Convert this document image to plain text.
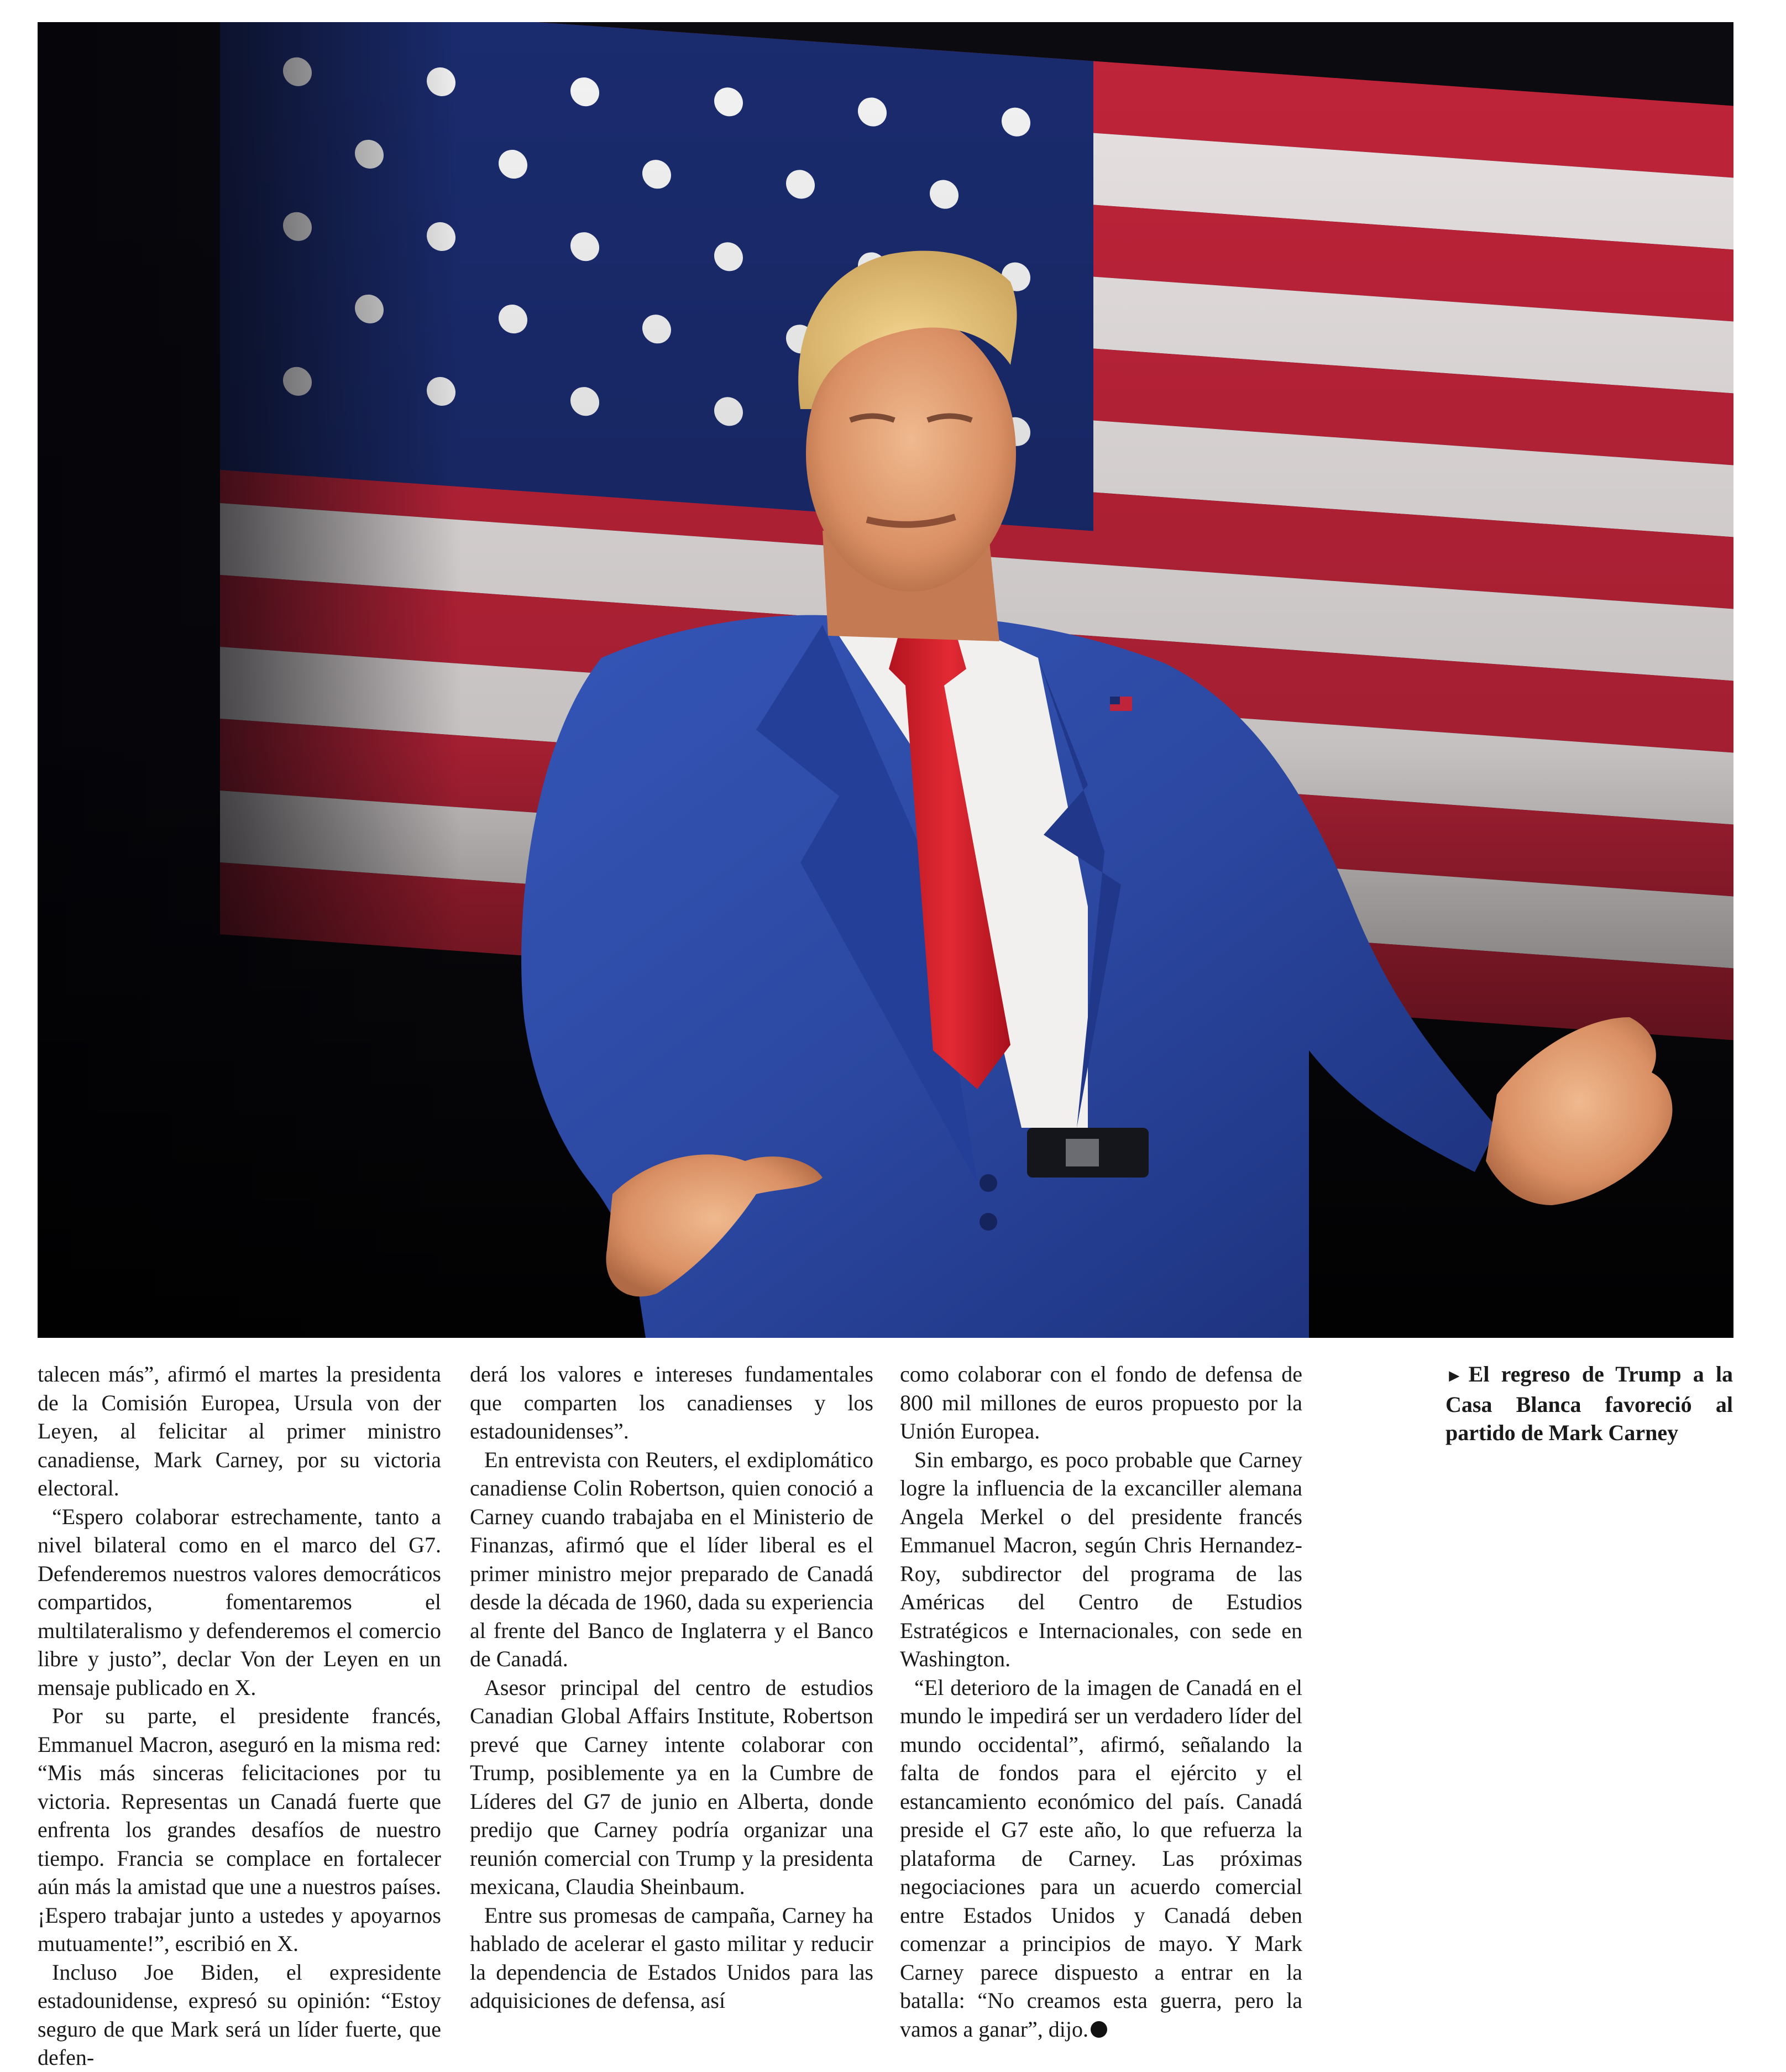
talecen más”, afirmó el martes la presidenta de la Comisión Europea, Ursula von der Leyen, al felicitar al primer ministro canadiense, Mark Carney, por su victoria electoral.

“Espero colaborar estrechamente, tanto a nivel bilateral como en el marco del G7. Defenderemos nuestros valores democráticos compartidos, fomentaremos el multilateralismo y defenderemos el comercio libre y justo”, declar Von der Leyen en un mensaje publicado en X.

Por su parte, el presidente francés, Emmanuel Macron, aseguró en la misma red: “Mis más sinceras felicitaciones por tu victoria. Representas un Canadá fuerte que enfrenta los grandes desafíos de nuestro tiempo. Francia se complace en fortalecer aún más la amistad que une a nuestros países. ¡Espero trabajar junto a ustedes y apoyarnos mutuamente!”, escribió en X.

Incluso Joe Biden, el expresidente estadounidense, expresó su opinión: “Estoy seguro de que Mark será un líder fuerte, que defen-

derá los valores e intereses fundamentales que comparten los canadienses y los estadounidenses”.

En entrevista con Reuters, el exdiplomático canadiense Colin Robertson, quien conoció a Carney cuando trabajaba en el Ministerio de Finanzas, afirmó que el líder liberal es el primer ministro mejor preparado de Canadá desde la década de 1960, dada su experiencia al frente del Banco de Inglaterra y el Banco de Canadá.

Asesor principal del centro de estudios Canadian Global Affairs Institute, Robertson prevé que Carney intente colaborar con Trump, posiblemente ya en la Cumbre de Líderes del G7 de junio en Alberta, donde predijo que Carney podría organizar una reunión comercial con Trump y la presidenta mexicana, Claudia Sheinbaum.

Entre sus promesas de campaña, Carney ha hablado de acelerar el gasto militar y reducir la dependencia de Estados Unidos para las adquisiciones de defensa, así

como colaborar con el fondo de defensa de 800 mil millones de euros propuesto por la Unión Europea.

Sin embargo, es poco probable que Carney logre la influencia de la excanciller alemana Angela Merkel o del presidente francés Emmanuel Macron, según Chris Hernandez-Roy, subdirector del programa de las Américas del Centro de Estudios Estratégicos e Internacionales, con sede en Washington.

“El deterioro de la imagen de Canadá en el mundo le impedirá ser un verdadero líder del mundo occidental”, afirmó, señalando la falta de fondos para el ejército y el estancamiento económico del país. Canadá preside el G7 este año, lo que refuerza la plataforma de Carney. Las próximas negociaciones para un acuerdo comercial entre Estados Unidos y Canadá deben comenzar a principios de mayo. Y Mark Carney parece dispuesto a entrar en la batalla: “No creamos esta guerra, pero la vamos a ganar”, dijo.

► El regreso de Trump a la Casa Blanca favoreció al partido de Mark Carney
